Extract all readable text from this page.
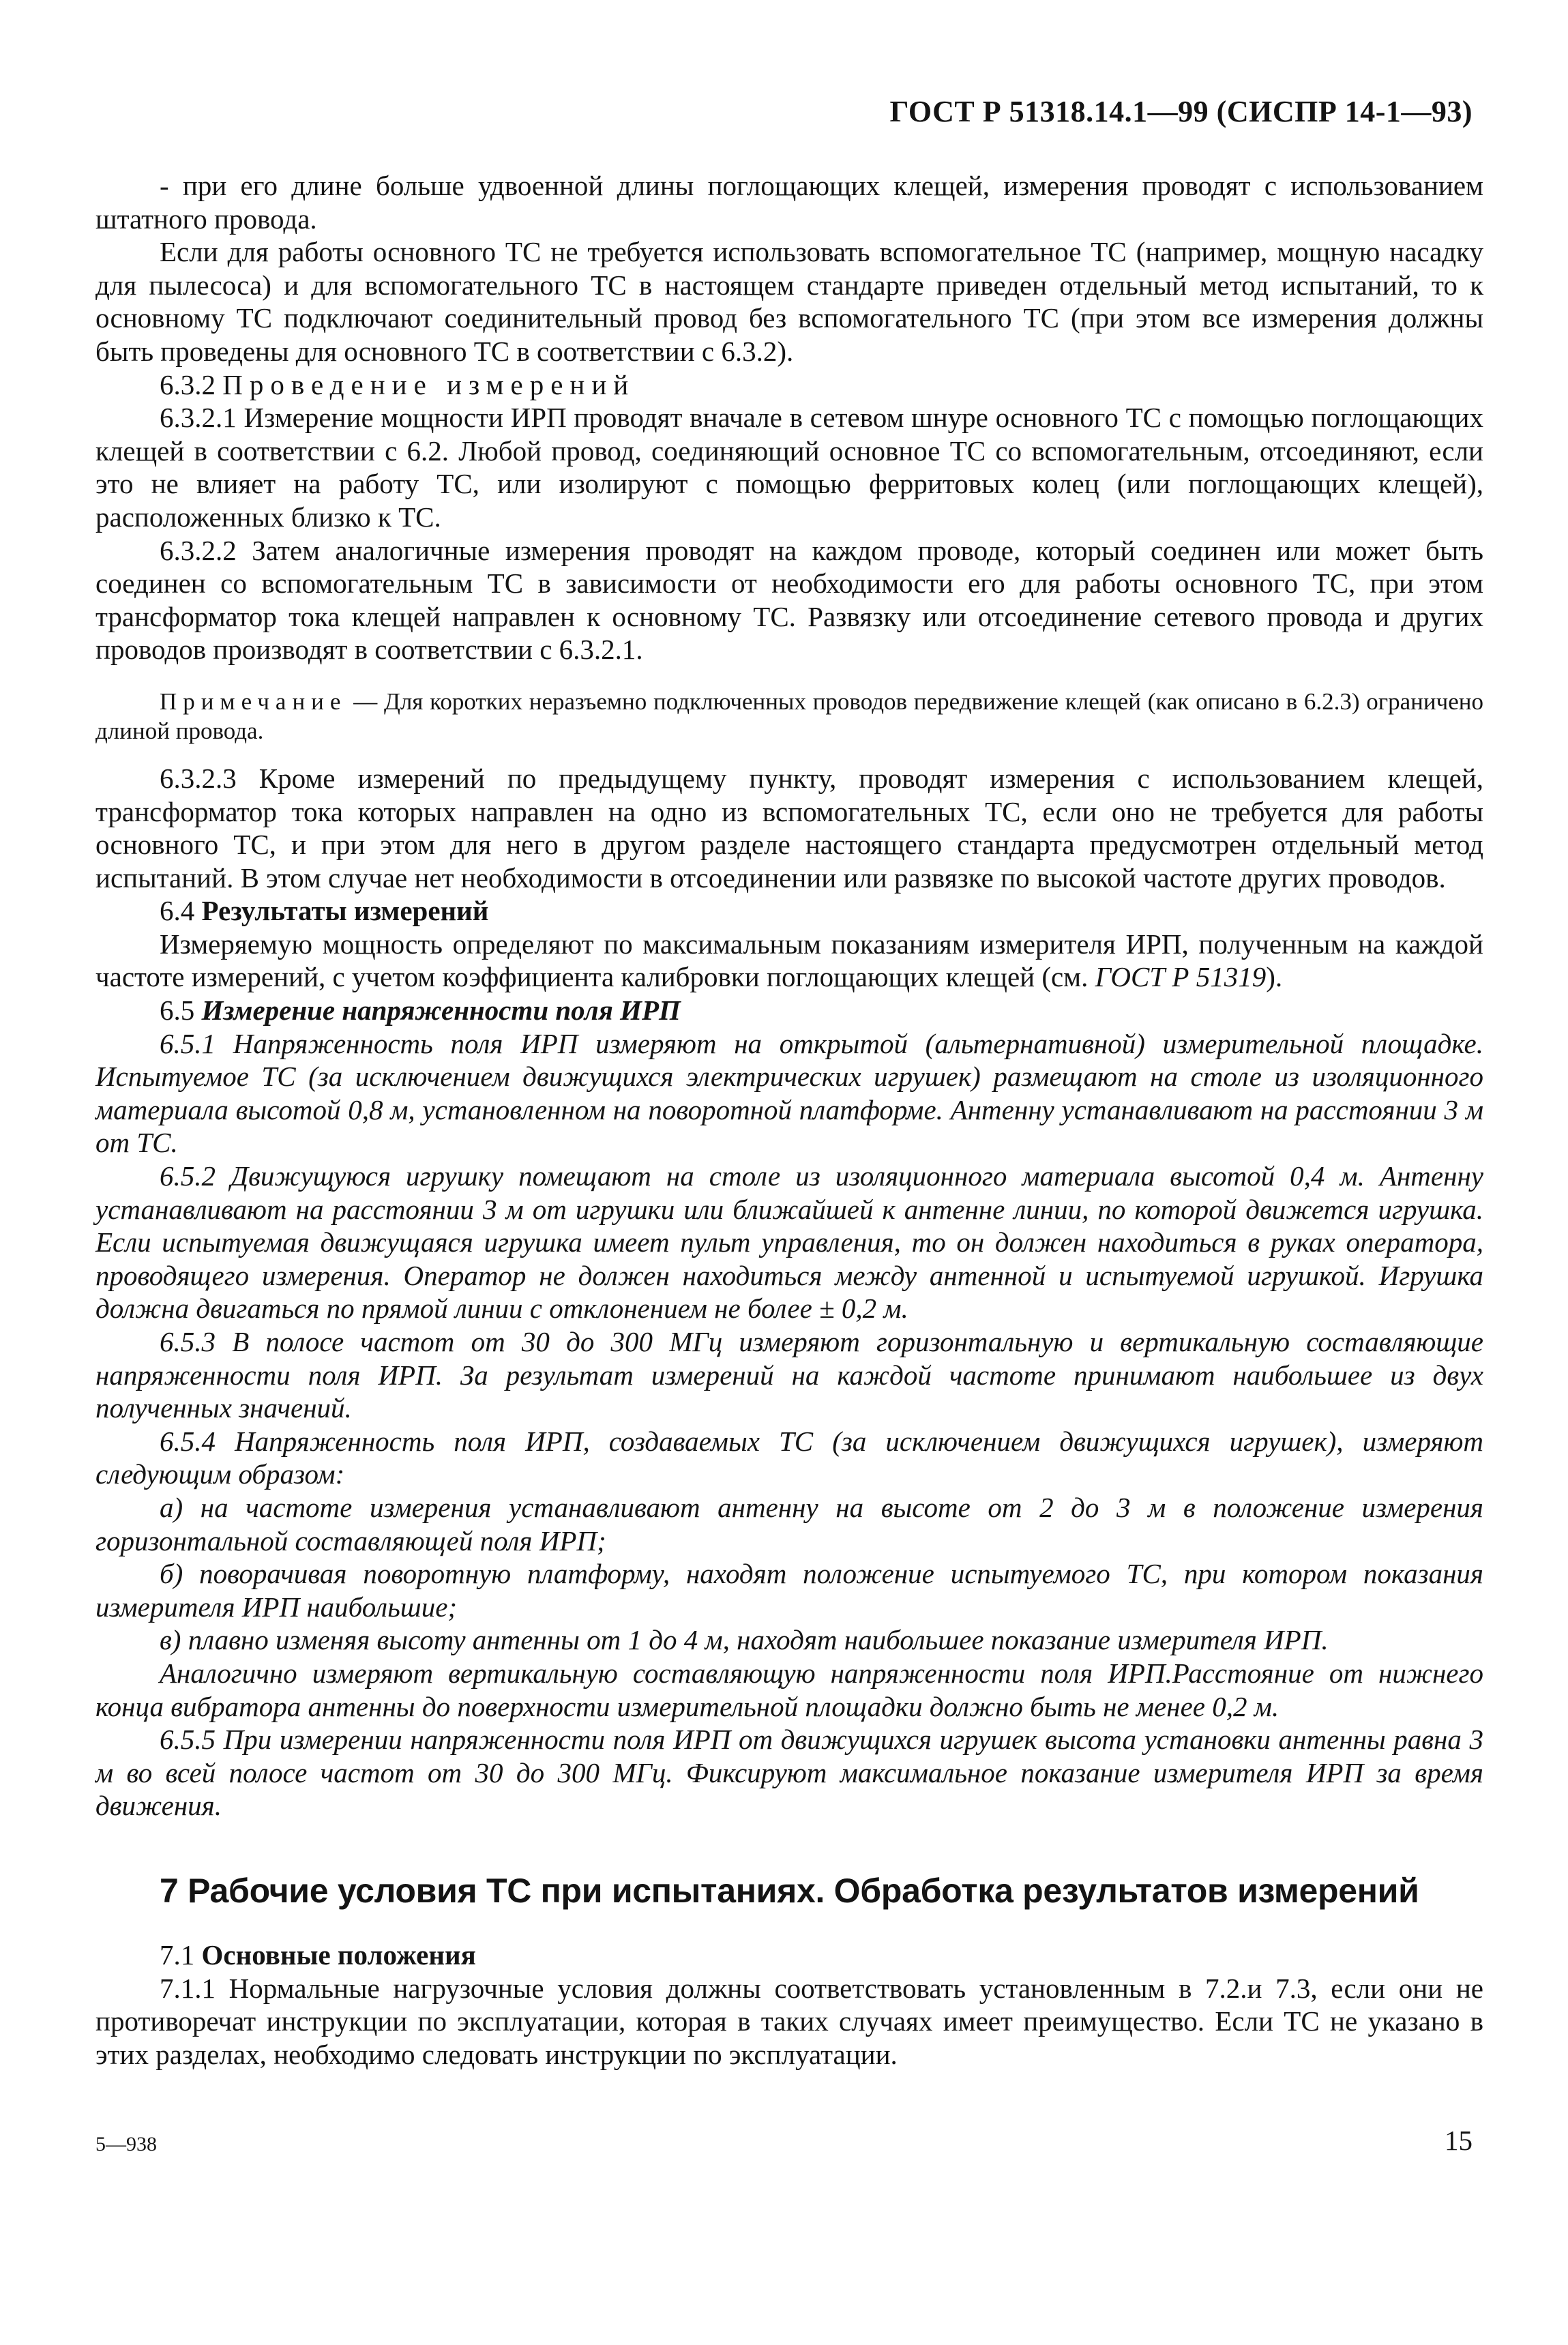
ГОСТ Р 51318.14.1—99 (СИСПР 14-1—93)

- при его длине больше удвоенной длины поглощающих клещей, измерения проводят с использованием штатного провода.

Если для работы основного ТС не требуется использовать вспомогательное ТС (например, мощную насадку для пылесоса) и для вспомогательного ТС в настоящем стандарте приведен отдельный метод испытаний, то к основному ТС подключают соединительный провод без вспомогательного ТС (при этом все измерения должны быть проведены для основного ТС в соответствии с 6.3.2).

6.3.2 Проведение измерений

6.3.2.1 Измерение мощности ИРП проводят вначале в сетевом шнуре основного ТС с помощью поглощающих клещей в соответствии с 6.2. Любой провод, соединяющий основное ТС со вспомогательным, отсоединяют, если это не влияет на работу ТС, или изолируют с помощью ферритовых колец (или поглощающих клещей), расположенных близко к ТС.

6.3.2.2 Затем аналогичные измерения проводят на каждом проводе, который соединен или может быть соединен со вспомогательным ТС в зависимости от необходимости его для работы основного ТС, при этом трансформатор тока клещей направлен к основному ТС. Развязку или отсоединение сетевого провода и других проводов производят в соответствии с 6.3.2.1.

Примечание — Для коротких неразъемно подключенных проводов передвижение клещей (как описано в 6.2.3) ограничено длиной провода.

6.3.2.3 Кроме измерений по предыдущему пункту, проводят измерения с использованием клещей, трансформатор тока которых направлен на одно из вспомогательных ТС, если оно не требуется для работы основного ТС, и при этом для него в другом разделе настоящего стандарта предусмотрен отдельный метод испытаний. В этом случае нет необходимости в отсоединении или развязке по высокой частоте других проводов.

6.4 Результаты измерений

Измеряемую мощность определяют по максимальным показаниям измерителя ИРП, полученным на каждой частоте измерений, с учетом коэффициента калибровки поглощающих клещей (см. ГОСТ Р 51319).

6.5 Измерение напряженности поля ИРП

6.5.1 Напряженность поля ИРП измеряют на открытой (альтернативной) измерительной площадке. Испытуемое ТС (за исключением движущихся электрических игрушек) размещают на столе из изоляционного материала высотой 0,8 м, установленном на поворотной платформе. Антенну устанавливают на расстоянии 3 м от ТС.

6.5.2 Движущуюся игрушку помещают на столе из изоляционного материала высотой 0,4 м. Антенну устанавливают на расстоянии 3 м от игрушки или ближайшей к антенне линии, по которой движется игрушка. Если испытуемая движущаяся игрушка имеет пульт управления, то он должен находиться в руках оператора, проводящего измерения. Оператор не должен находиться между антенной и испытуемой игрушкой. Игрушка должна двигаться по прямой линии с отклонением не более ± 0,2 м.

6.5.3 В полосе частот от 30 до 300 МГц измеряют горизонтальную и вертикальную составляющие напряженности поля ИРП. За результат измерений на каждой частоте принимают наибольшее из двух полученных значений.

6.5.4 Напряженность поля ИРП, создаваемых ТС (за исключением движущихся игрушек), измеряют следующим образом:

а) на частоте измерения устанавливают антенну на высоте от 2 до 3 м в положение измерения горизонтальной составляющей поля ИРП;

б) поворачивая поворотную платформу, находят положение испытуемого ТС, при котором показания измерителя ИРП наибольшие;

в) плавно изменяя высоту антенны от 1 до 4 м, находят наибольшее показание измерителя ИРП.

Аналогично измеряют вертикальную составляющую напряженности поля ИРП.Расстояние от нижнего конца вибратора антенны до поверхности измерительной площадки должно быть не менее 0,2 м.

6.5.5 При измерении напряженности поля ИРП от движущихся игрушек высота установки антенны равна 3 м во всей полосе частот от 30 до 300 МГц. Фиксируют максимальное показание измерителя ИРП за время движения.

7 Рабочие условия ТС при испытаниях. Обработка результатов измерений

7.1 Основные положения

7.1.1 Нормальные нагрузочные условия должны соответствовать установленным в 7.2.и 7.3, если они не противоречат инструкции по эксплуатации, которая в таких случаях имеет преимущество. Если ТС не указано в этих разделах, необходимо следовать инструкции по эксплуатации.

5—938	15
